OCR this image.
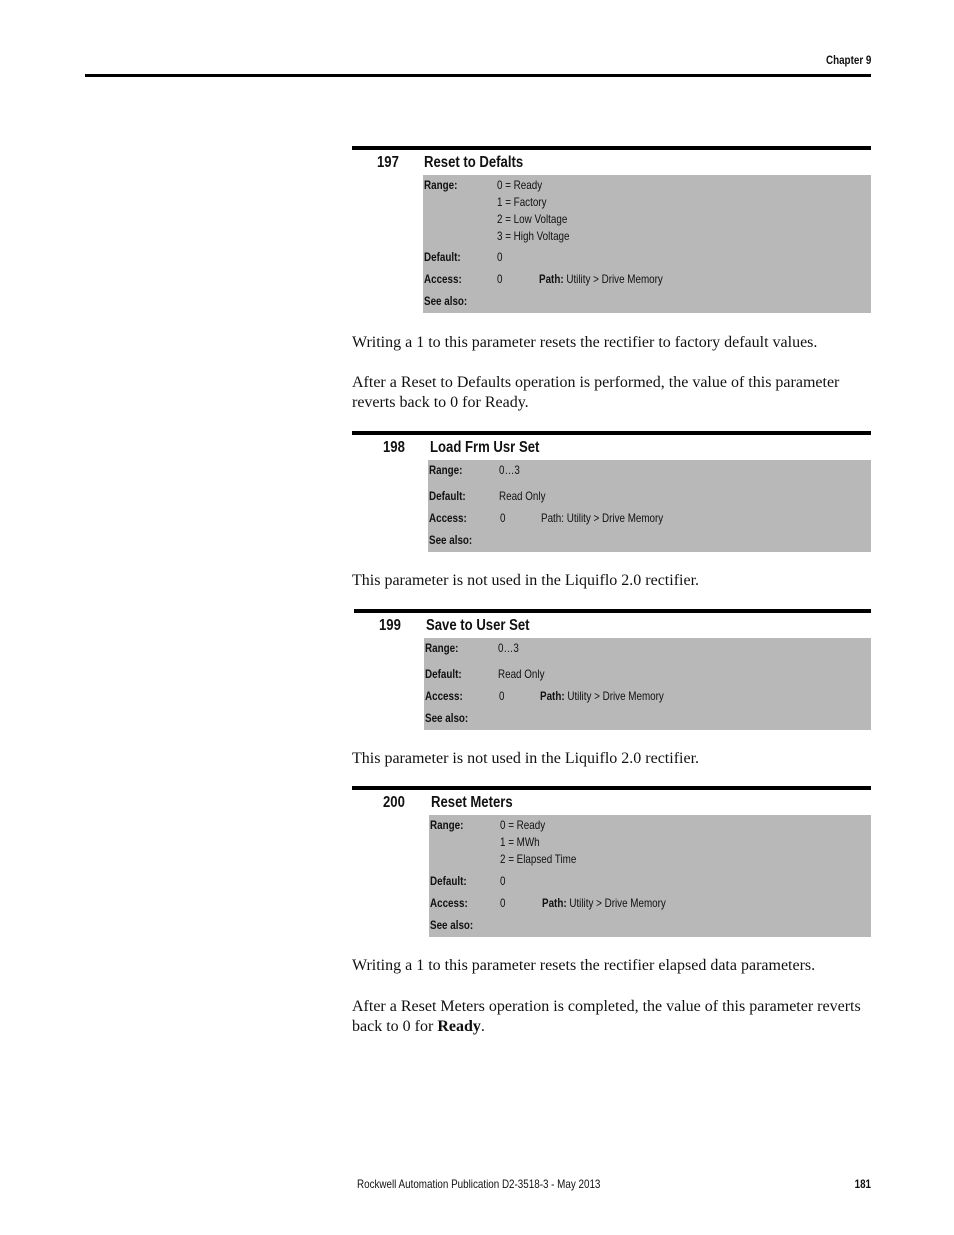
Chapter 9
197 Reset to Defalts
Range:	0 = Ready
1 = Factory
2 = Low Voltage
3 = High Voltage
Default:	0
Access:	0	Path: Utility > Drive Memory
See also:
Writing a 1 to this parameter resets the rectifier to factory default values.
After a Reset to Defaults operation is performed, the value of this parameter reverts back to 0 for Ready.
198 Load Frm Usr Set
Range:	0…3
Default:	Read Only
Access:	0	Path: Utility > Drive Memory
See also:
This parameter is not used in the Liquiflo 2.0 rectifier.
199 Save to User Set
Range:	0…3
Default:	Read Only
Access:	0	Path: Utility > Drive Memory
See also:
This parameter is not used in the Liquiflo 2.0 rectifier.
200 Reset Meters
Range:	0 = Ready
1 = MWh
2 = Elapsed Time
Default:	0
Access:	0	Path: Utility > Drive Memory
See also:
Writing a 1 to this parameter resets the rectifier elapsed data parameters.
After a Reset Meters operation is completed, the value of this parameter reverts back to 0 for Ready.
Rockwell Automation Publication D2-3518-3 - May 2013	181
